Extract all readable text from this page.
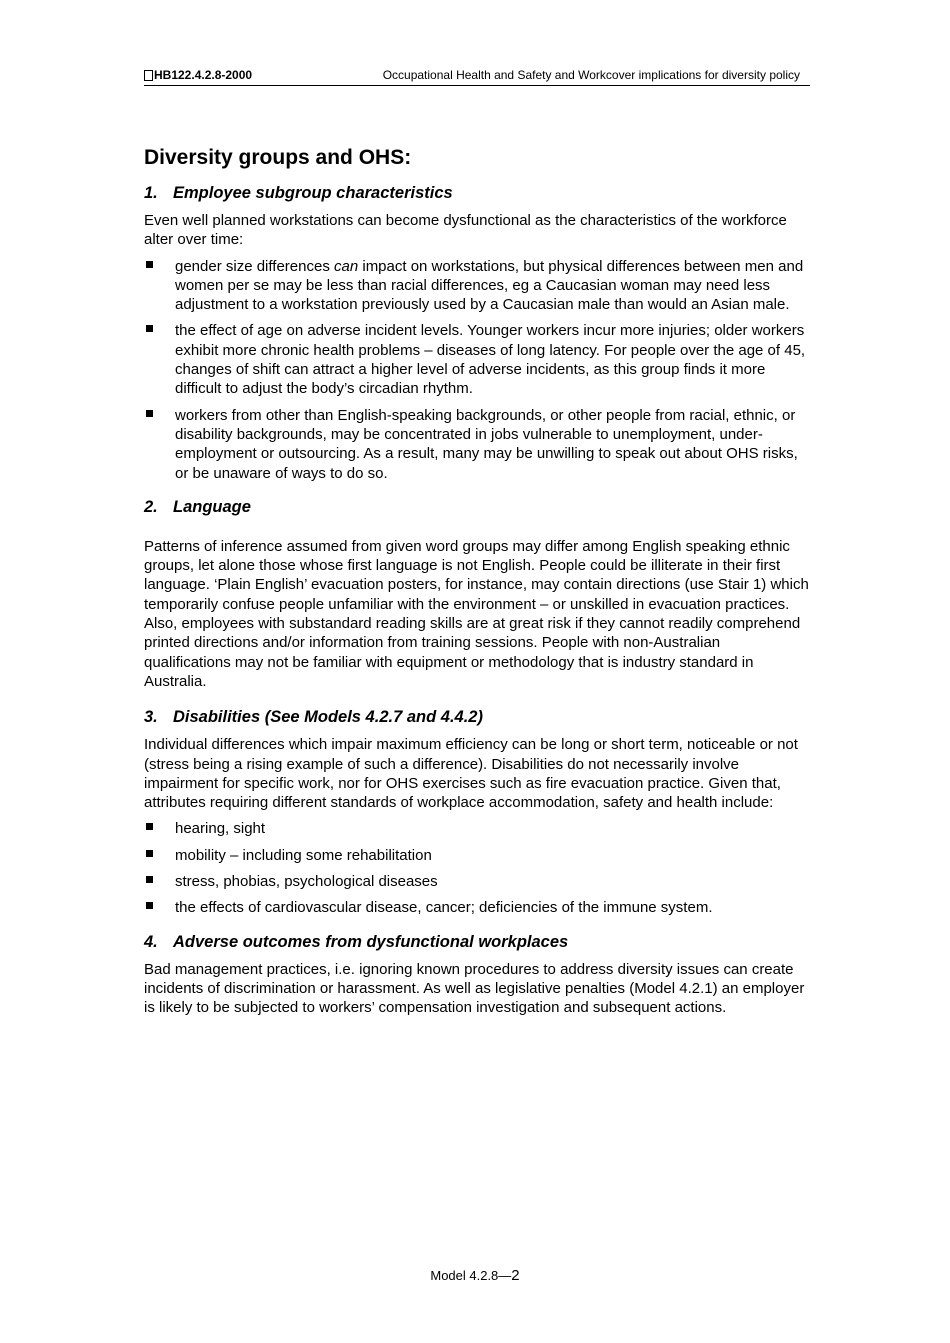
HB122.4.2.8-2000	Occupational Health and Safety and Workcover implications for diversity policy
Diversity groups and OHS:
1. Employee subgroup characteristics

Even well planned workstations can become dysfunctional as the characteristics of the workforce alter over time:

gender size differences can impact on workstations, but physical differences between men and women per se may be less than racial differences, eg a Caucasian woman may need less adjustment to a workstation previously used by a Caucasian male than would an Asian male.
the effect of age on adverse incident levels. Younger workers incur more injuries; older workers exhibit more chronic health problems – diseases of long latency. For people over the age of 45, changes of shift can attract a higher level of adverse incidents, as this group finds it more difficult to adjust the body’s circadian rhythm.
workers from other than English-speaking backgrounds, or other people from racial, ethnic, or disability backgrounds, may be concentrated in jobs vulnerable to unemployment, under-employment or outsourcing. As a result, many may be unwilling to speak out about OHS risks, or be unaware of ways to do so.
2. Language

Patterns of inference assumed from given word groups may differ among English speaking ethnic groups, let alone those whose first language is not English. People could be illiterate in their first language. ‘Plain English’ evacuation posters, for instance, may contain directions (use Stair 1) which temporarily confuse people unfamiliar with the environment – or unskilled in evacuation practices. Also, employees with substandard reading skills are at great risk if they cannot readily comprehend printed directions and/or information from training sessions. People with non-Australian qualifications may not be familiar with equipment or methodology that is industry standard in Australia.

3. Disabilities (See Models 4.2.7 and 4.4.2)

Individual differences which impair maximum efficiency can be long or short term, noticeable or not (stress being a rising example of such a difference). Disabilities do not necessarily involve impairment for specific work, nor for OHS exercises such as fire evacuation practice. Given that, attributes requiring different standards of workplace accommodation, safety and health include:

hearing, sight
mobility – including some rehabilitation
stress, phobias, psychological diseases
the effects of cardiovascular disease, cancer; deficiencies of the immune system.
4. Adverse outcomes from dysfunctional workplaces

Bad management practices, i.e. ignoring known procedures to address diversity issues can create incidents of discrimination or harassment. As well as legislative penalties (Model 4.2.1) an employer is likely to be subjected to workers’ compensation investigation and subsequent actions.

Model 4.2.8—2
